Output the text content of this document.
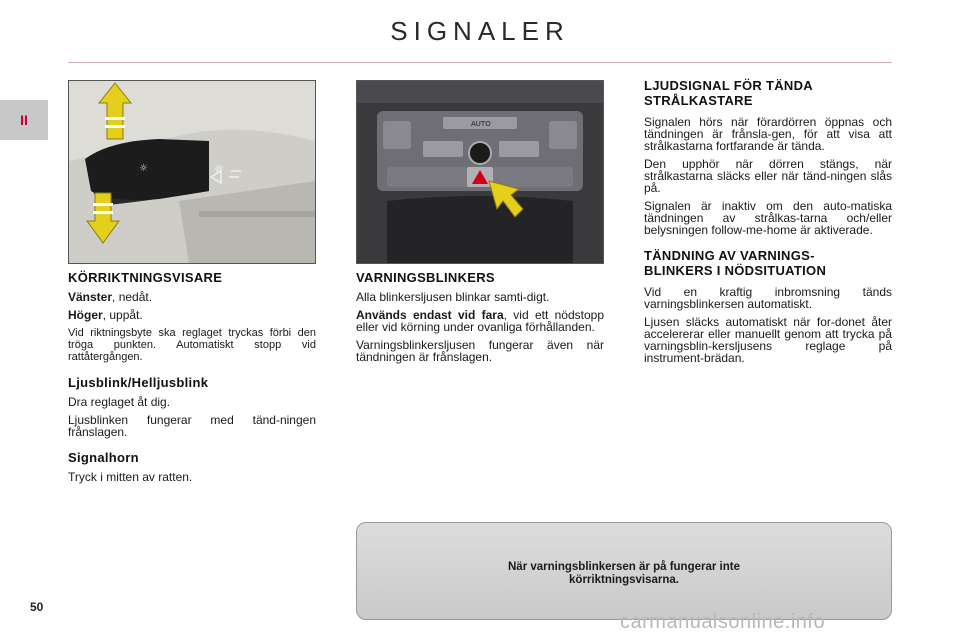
SIGNALER
II
☼
AUTO
KÖRRIKTNINGSVISARE

Vänster, nedåt.

Höger, uppåt.

Vid riktningsbyte ska reglaget tryckas förbi den tröga punkten. Automatiskt stopp vid rattåtergången.

Ljusblink/Helljusblink

Dra reglaget åt dig.

Ljusblinken fungerar med tänd-ningen frånslagen.

Signalhorn

Tryck i mitten av ratten.

VARNINGSBLINKERS

Alla blinkersljusen blinkar samti-digt.

Används endast vid fara, vid ett nödstopp eller vid körning under ovanliga förhållanden.

Varningsblinkersljusen fungerar även när tändningen är frånslagen.

LJUDSIGNAL FÖR TÄNDA
STRÅLKASTARE

Signalen hörs när förardörren öppnas och tändningen är frånsla-gen, för att visa att strålkastarna fortfarande är tända.

Den upphör när dörren stängs, när strålkastarna släcks eller när tänd-ningen slås på.

Signalen är inaktiv om den auto-matiska tändningen av strålkas-tarna och/eller belysningen follow-me-home är aktiverade.

TÄNDNING AV VARNINGS-
BLINKERS I NÖDSITUATION

Vid en kraftig inbromsning tänds varningsblinkersen automatiskt.

Ljusen släcks automatiskt när for-donet åter accelererar eller manuellt genom att trycka på varningsblin-kersljusens reglage på instrument-brädan.

När varningsblinkersen är på fungerar inte
körriktningsvisarna.
50
carmanualsonline.info
